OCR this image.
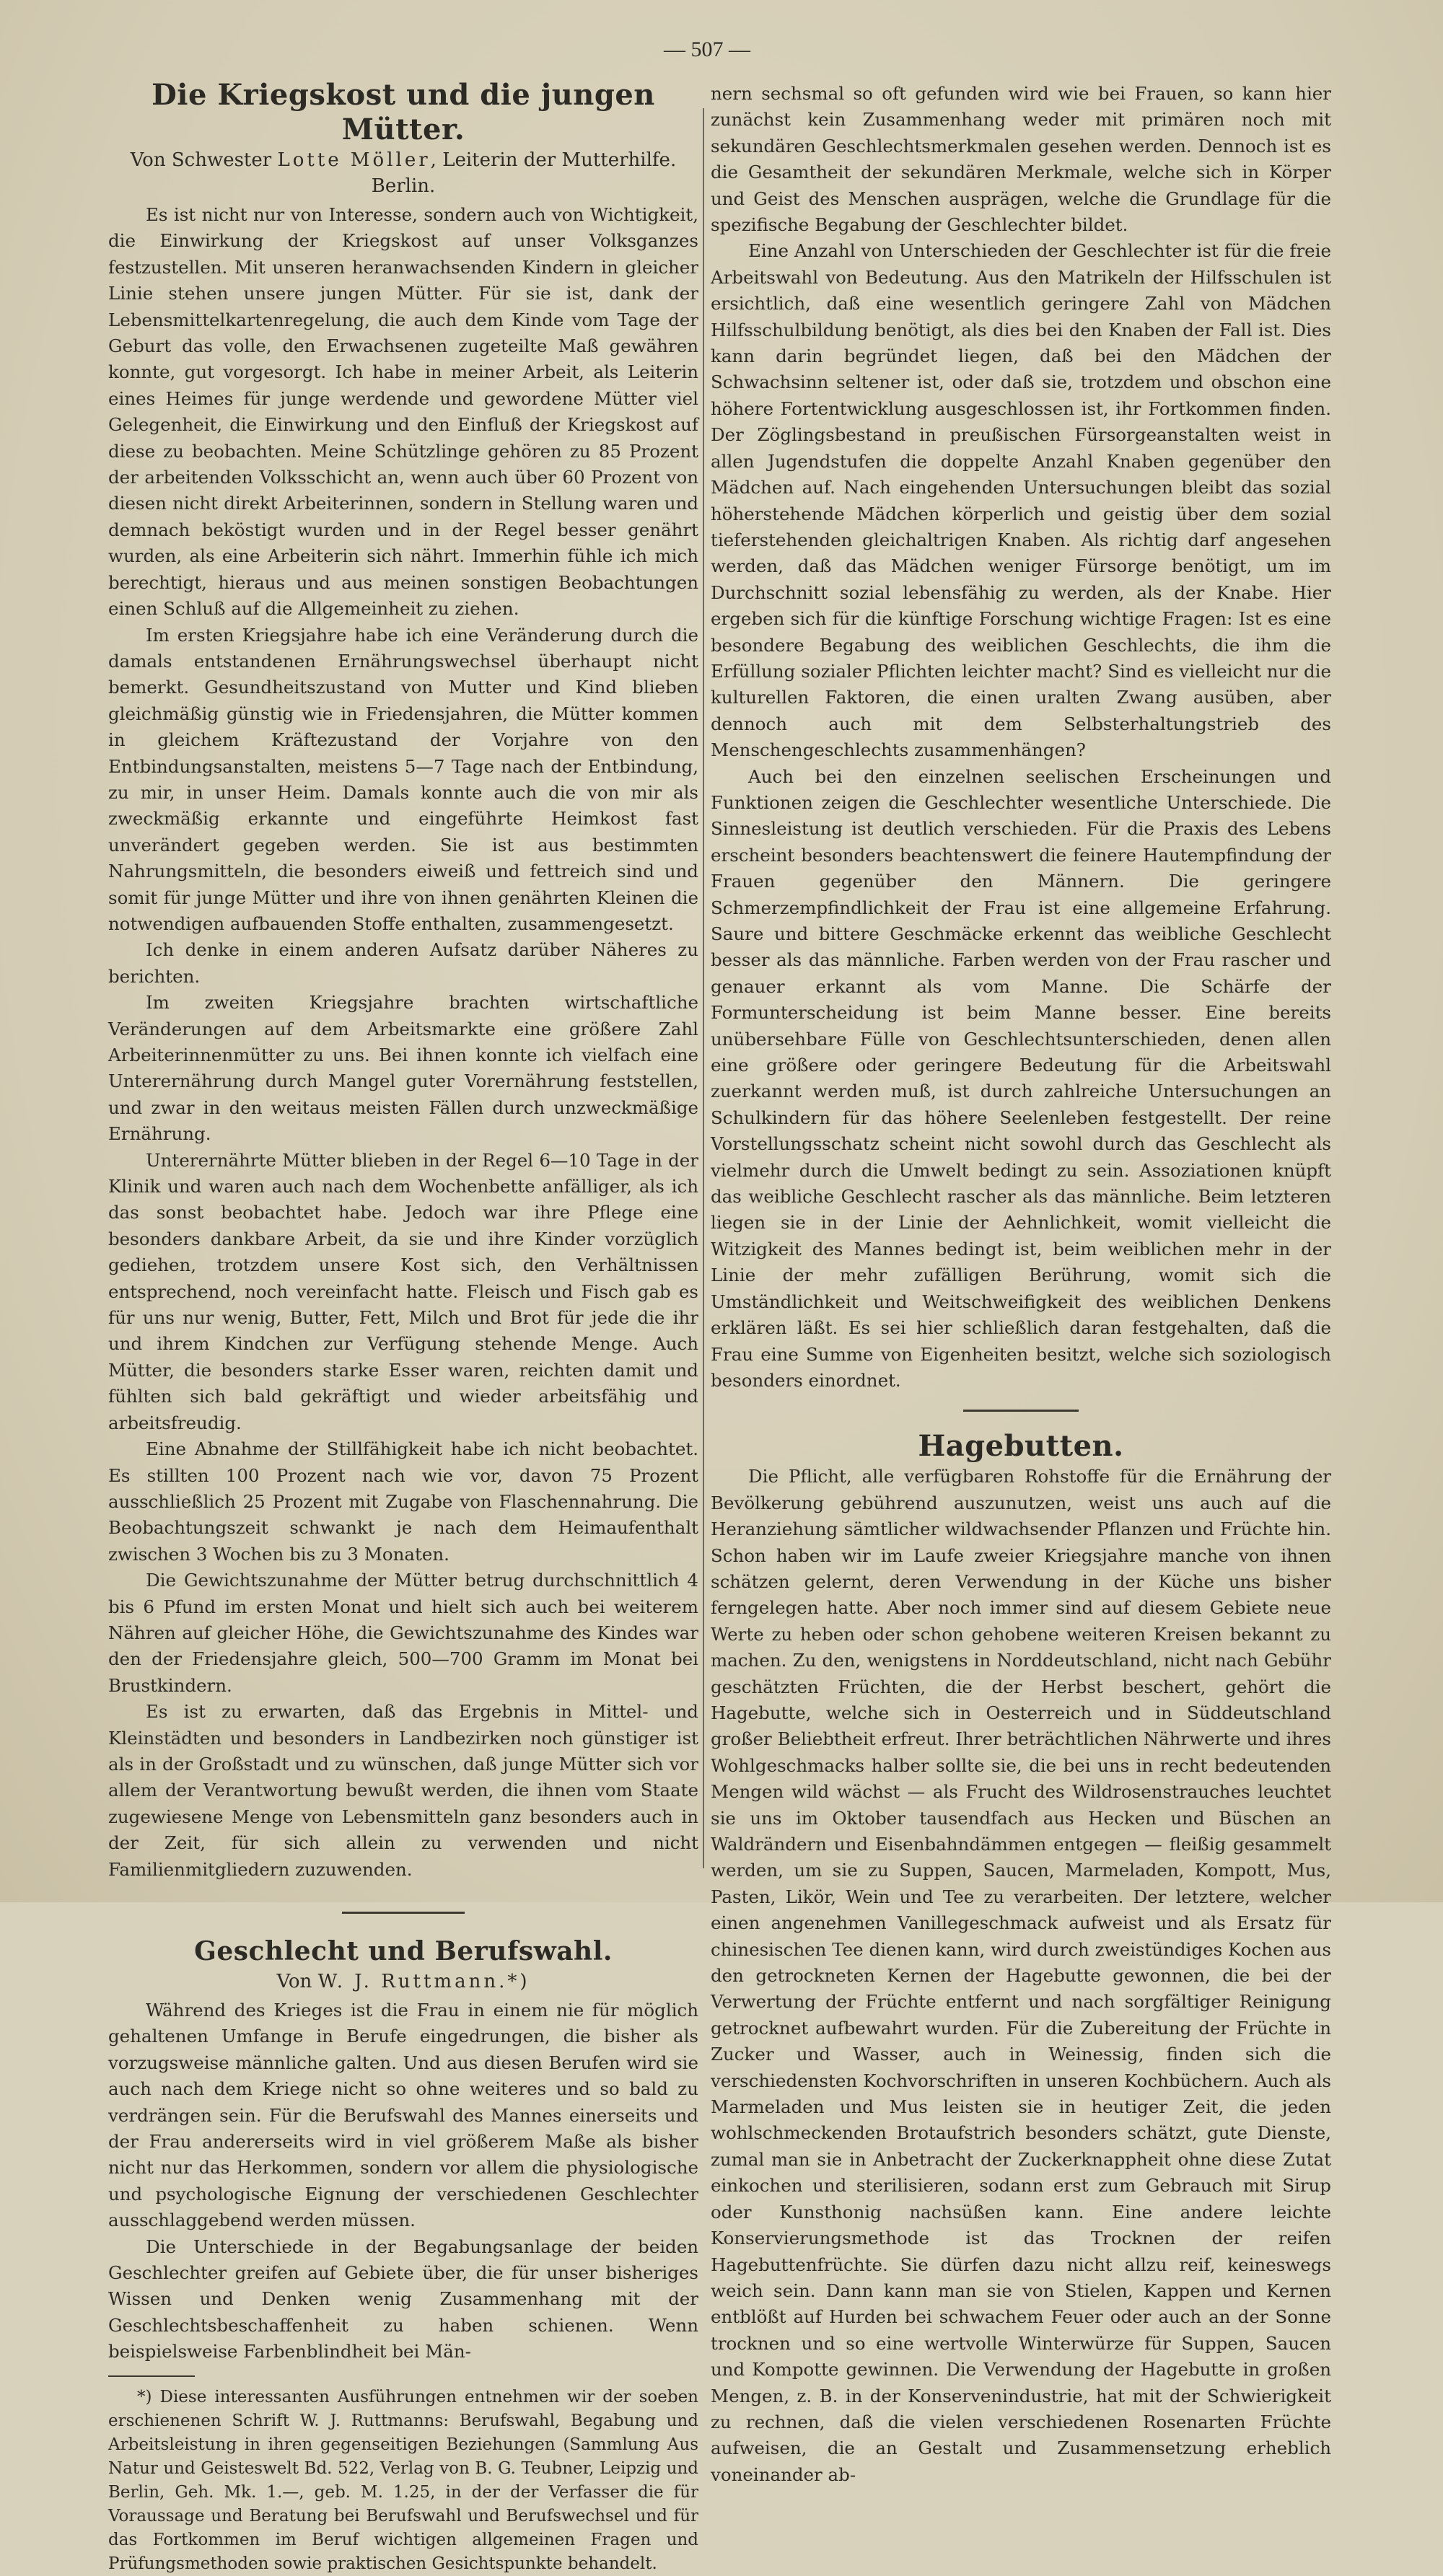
— 507 —
Die Kriegskost und die jungen Mütter.
Von Schwester Lotte Möller, Leiterin der Mutterhilfe. Berlin.

Es ist nicht nur von Interesse, sondern auch von Wichtigkeit, die Einwirkung der Kriegskost auf unser Volksganzes festzustellen. Mit unseren heranwachsenden Kindern in gleicher Linie stehen unsere jungen Mütter. Für sie ist, dank der Lebensmittelkartenregelung, die auch dem Kinde vom Tage der Geburt das volle, den Erwachsenen zugeteilte Maß gewähren konnte, gut vorgesorgt. Ich habe in meiner Arbeit, als Leiterin eines Heimes für junge werdende und gewordene Mütter viel Gelegenheit, die Einwirkung und den Einfluß der Kriegskost auf diese zu beobachten. Meine Schützlinge gehören zu 85 Prozent der arbeitenden Volksschicht an, wenn auch über 60 Prozent von diesen nicht direkt Arbeiterinnen, sondern in Stellung waren und demnach beköstigt wurden und in der Regel besser genährt wurden, als eine Arbeiterin sich nährt. Immerhin fühle ich mich berechtigt, hieraus und aus meinen sonstigen Beobachtungen einen Schluß auf die Allgemeinheit zu ziehen.

Im ersten Kriegsjahre habe ich eine Veränderung durch die damals entstandenen Ernährungswechsel überhaupt nicht bemerkt. Gesundheitszustand von Mutter und Kind blieben gleichmäßig günstig wie in Friedensjahren, die Mütter kommen in gleichem Kräftezustand der Vorjahre von den Entbindungsanstalten, meistens 5—7 Tage nach der Entbindung, zu mir, in unser Heim. Damals konnte auch die von mir als zweckmäßig erkannte und eingeführte Heimkost fast unverändert gegeben werden. Sie ist aus bestimmten Nahrungsmitteln, die besonders eiweiß und fettreich sind und somit für junge Mütter und ihre von ihnen genährten Kleinen die notwendigen aufbauenden Stoffe enthalten, zusammengesetzt.

Ich denke in einem anderen Aufsatz darüber Näheres zu berichten.

Im zweiten Kriegsjahre brachten wirtschaftliche Veränderungen auf dem Arbeitsmarkte eine größere Zahl Arbeiterinnenmütter zu uns. Bei ihnen konnte ich vielfach eine Unterernährung durch Mangel guter Vorernährung feststellen, und zwar in den weitaus meisten Fällen durch unzweckmäßige Ernährung.

Unterernährte Mütter blieben in der Regel 6—10 Tage in der Klinik und waren auch nach dem Wochenbette anfälliger, als ich das sonst beobachtet habe. Jedoch war ihre Pflege eine besonders dankbare Arbeit, da sie und ihre Kinder vorzüglich gediehen, trotzdem unsere Kost sich, den Verhältnissen entsprechend, noch vereinfacht hatte. Fleisch und Fisch gab es für uns nur wenig, Butter, Fett, Milch und Brot für jede die ihr und ihrem Kindchen zur Verfügung stehende Menge. Auch Mütter, die besonders starke Esser waren, reichten damit und fühlten sich bald gekräftigt und wieder arbeitsfähig und arbeitsfreudig.

Eine Abnahme der Stillfähigkeit habe ich nicht beobachtet. Es stillten 100 Prozent nach wie vor, davon 75 Prozent ausschließlich 25 Prozent mit Zugabe von Flaschennahrung. Die Beobachtungszeit schwankt je nach dem Heimaufenthalt zwischen 3 Wochen bis zu 3 Monaten.

Die Gewichtszunahme der Mütter betrug durchschnittlich 4 bis 6 Pfund im ersten Monat und hielt sich auch bei weiterem Nähren auf gleicher Höhe, die Gewichtszunahme des Kindes war den der Friedensjahre gleich, 500—700 Gramm im Monat bei Brustkindern.

Es ist zu erwarten, daß das Ergebnis in Mittel- und Kleinstädten und besonders in Landbezirken noch günstiger ist als in der Großstadt und zu wünschen, daß junge Mütter sich vor allem der Verantwortung bewußt werden, die ihnen vom Staate zugewiesene Menge von Lebensmitteln ganz besonders auch in der Zeit, für sich allein zu verwenden und nicht Familienmitgliedern zuzuwenden.

Geschlecht und Berufswahl.
Von W. J. Ruttmann.*)

Während des Krieges ist die Frau in einem nie für möglich gehaltenen Umfange in Berufe eingedrungen, die bisher als vorzugsweise männliche galten. Und aus diesen Berufen wird sie auch nach dem Kriege nicht so ohne weiteres und so bald zu verdrängen sein. Für die Berufswahl des Mannes einerseits und der Frau andererseits wird in viel größerem Maße als bisher nicht nur das Herkommen, sondern vor allem die physiologische und psychologische Eignung der verschiedenen Geschlechter ausschlaggebend werden müssen.

Die Unterschiede in der Begabungsanlage der beiden Geschlechter greifen auf Gebiete über, die für unser bisheriges Wissen und Denken wenig Zusammenhang mit der Geschlechtsbeschaffenheit zu haben schienen. Wenn beispielsweise Farbenblindheit bei Män-

*) Diese interessanten Ausführungen entnehmen wir der soeben erschienenen Schrift W. J. Ruttmanns: Berufswahl, Begabung und Arbeitsleistung in ihren gegenseitigen Beziehungen (Sammlung Aus Natur und Geisteswelt Bd. 522, Verlag von B. G. Teubner, Leipzig und Berlin, Geh. Mk. 1.—, geb. M. 1.25, in der der Verfasser die für Voraussage und Beratung bei Berufswahl und Berufswechsel und für das Fortkommen im Beruf wichtigen allgemeinen Fragen und Prüfungsmethoden sowie praktischen Gesichtspunkte behandelt.

nern sechsmal so oft gefunden wird wie bei Frauen, so kann hier zunächst kein Zusammenhang weder mit primären noch mit sekundären Geschlechtsmerkmalen gesehen werden. Dennoch ist es die Gesamtheit der sekundären Merkmale, welche sich in Körper und Geist des Menschen ausprägen, welche die Grundlage für die spezifische Begabung der Geschlechter bildet.

Eine Anzahl von Unterschieden der Geschlechter ist für die freie Arbeitswahl von Bedeutung. Aus den Matrikeln der Hilfsschulen ist ersichtlich, daß eine wesentlich geringere Zahl von Mädchen Hilfsschulbildung benötigt, als dies bei den Knaben der Fall ist. Dies kann darin begründet liegen, daß bei den Mädchen der Schwachsinn seltener ist, oder daß sie, trotzdem und obschon eine höhere Fortentwicklung ausgeschlossen ist, ihr Fortkommen finden. Der Zöglingsbestand in preußischen Fürsorgeanstalten weist in allen Jugendstufen die doppelte Anzahl Knaben gegenüber den Mädchen auf. Nach eingehenden Untersuchungen bleibt das sozial höherstehende Mädchen körperlich und geistig über dem sozial tieferstehenden gleichaltrigen Knaben. Als richtig darf angesehen werden, daß das Mädchen weniger Fürsorge benötigt, um im Durchschnitt sozial lebensfähig zu werden, als der Knabe. Hier ergeben sich für die künftige Forschung wichtige Fragen: Ist es eine besondere Begabung des weiblichen Geschlechts, die ihm die Erfüllung sozialer Pflichten leichter macht? Sind es vielleicht nur die kulturellen Faktoren, die einen uralten Zwang ausüben, aber dennoch auch mit dem Selbsterhaltungstrieb des Menschengeschlechts zusammenhängen?

Auch bei den einzelnen seelischen Erscheinungen und Funktionen zeigen die Geschlechter wesentliche Unterschiede. Die Sinnesleistung ist deutlich verschieden. Für die Praxis des Lebens erscheint besonders beachtenswert die feinere Hautempfindung der Frauen gegenüber den Männern. Die geringere Schmerzempfindlichkeit der Frau ist eine allgemeine Erfahrung. Saure und bittere Geschmäcke erkennt das weibliche Geschlecht besser als das männliche. Farben werden von der Frau rascher und genauer erkannt als vom Manne. Die Schärfe der Formunterscheidung ist beim Manne besser. Eine bereits unübersehbare Fülle von Geschlechtsunterschieden, denen allen eine größere oder geringere Bedeutung für die Arbeitswahl zuerkannt werden muß, ist durch zahlreiche Untersuchungen an Schulkindern für das höhere Seelenleben festgestellt. Der reine Vorstellungsschatz scheint nicht sowohl durch das Geschlecht als vielmehr durch die Umwelt bedingt zu sein. Assoziationen knüpft das weibliche Geschlecht rascher als das männliche. Beim letzteren liegen sie in der Linie der Aehnlichkeit, womit vielleicht die Witzigkeit des Mannes bedingt ist, beim weiblichen mehr in der Linie der mehr zufälligen Berührung, womit sich die Umständlichkeit und Weitschweifigkeit des weiblichen Denkens erklären läßt. Es sei hier schließlich daran festgehalten, daß die Frau eine Summe von Eigenheiten besitzt, welche sich soziologisch besonders einordnet.

Hagebutten.

Die Pflicht, alle verfügbaren Rohstoffe für die Ernährung der Bevölkerung gebührend auszunutzen, weist uns auch auf die Heranziehung sämtlicher wildwachsender Pflanzen und Früchte hin. Schon haben wir im Laufe zweier Kriegsjahre manche von ihnen schätzen gelernt, deren Verwendung in der Küche uns bisher ferngelegen hatte. Aber noch immer sind auf diesem Gebiete neue Werte zu heben oder schon gehobene weiteren Kreisen bekannt zu machen. Zu den, wenigstens in Norddeutschland, nicht nach Gebühr geschätzten Früchten, die der Herbst beschert, gehört die Hagebutte, welche sich in Oesterreich und in Süddeutschland großer Beliebtheit erfreut. Ihrer beträchtlichen Nährwerte und ihres Wohlgeschmacks halber sollte sie, die bei uns in recht bedeutenden Mengen wild wächst — als Frucht des Wildrosenstrauches leuchtet sie uns im Oktober tausendfach aus Hecken und Büschen an Waldrändern und Eisenbahndämmen entgegen — fleißig gesammelt werden, um sie zu Suppen, Saucen, Marmeladen, Kompott, Mus, Pasten, Likör, Wein und Tee zu verarbeiten. Der letztere, welcher einen angenehmen Vanillegeschmack aufweist und als Ersatz für chinesischen Tee dienen kann, wird durch zweistündiges Kochen aus den getrockneten Kernen der Hagebutte gewonnen, die bei der Verwertung der Früchte entfernt und nach sorgfältiger Reinigung getrocknet aufbewahrt wurden. Für die Zubereitung der Früchte in Zucker und Wasser, auch in Weinessig, finden sich die verschiedensten Kochvorschriften in unseren Kochbüchern. Auch als Marmeladen und Mus leisten sie in heutiger Zeit, die jeden wohlschmeckenden Brotaufstrich besonders schätzt, gute Dienste, zumal man sie in Anbetracht der Zuckerknappheit ohne diese Zutat einkochen und sterilisieren, sodann erst zum Gebrauch mit Sirup oder Kunsthonig nachsüßen kann. Eine andere leichte Konservierungsmethode ist das Trocknen der reifen Hagebuttenfrüchte. Sie dürfen dazu nicht allzu reif, keineswegs weich sein. Dann kann man sie von Stielen, Kappen und Kernen entblößt auf Hurden bei schwachem Feuer oder auch an der Sonne trocknen und so eine wertvolle Winterwürze für Suppen, Saucen und Kompotte gewinnen. Die Verwendung der Hagebutte in großen Mengen, z. B. in der Konservenindustrie, hat mit der Schwierigkeit zu rechnen, daß die vielen verschiedenen Rosenarten Früchte aufweisen, die an Gestalt und Zusammensetzung erheblich voneinander ab-
